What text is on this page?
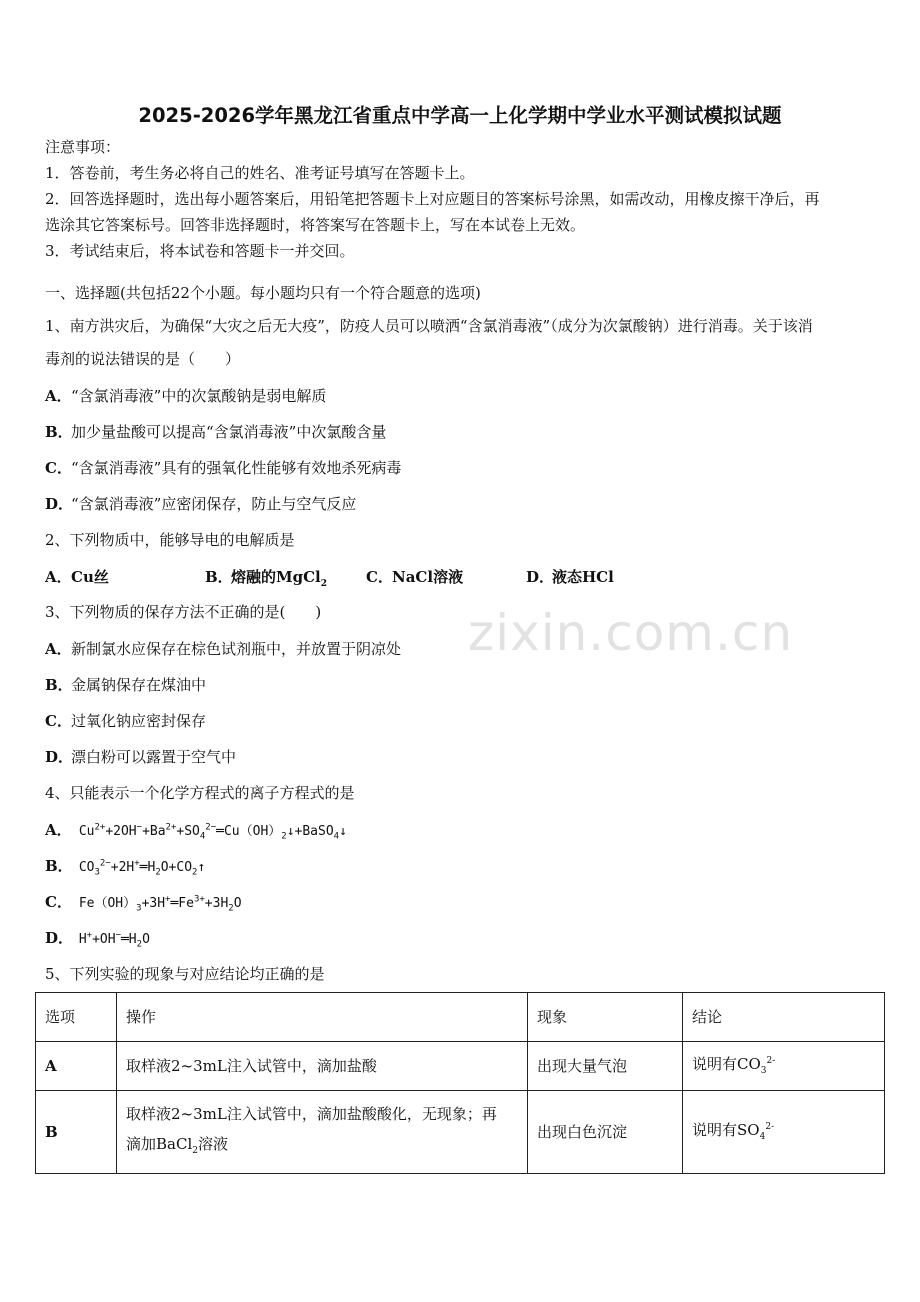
2025-2026学年黑龙江省重点中学高一上化学期中学业水平测试模拟试题
zixin.com.cn
注意事项：
1．答卷前，考生务必将自己的姓名、准考证号填写在答题卡上。
2．回答选择题时，选出每小题答案后，用铅笔把答题卡上对应题目的答案标号涂黑，如需改动，用橡皮擦干净后，再
选涂其它答案标号。回答非选择题时，将答案写在答题卡上，写在本试卷上无效。
3．考试结束后，将本试卷和答题卡一并交回。
一、选择题(共包括22个小题。每小题均只有一个符合题意的选项)
1、南方洪灾后，为确保“大灾之后无大疫”，防疫人员可以喷洒“含氯消毒液”（成分为次氯酸钠）进行消毒。关于该消
毒剂的说法错误的是（　　）
A．“含氯消毒液”中的次氯酸钠是弱电解质
B．加少量盐酸可以提高“含氯消毒液”中次氯酸含量
C．“含氯消毒液”具有的强氧化性能够有效地杀死病毒
D．“含氯消毒液”应密闭保存，防止与空气反应
2、下列物质中，能够导电的电解质是
A．Cu丝	B．熔融的MgCl$_2$	C．NaCl溶液	D．液态HCl
3、下列物质的保存方法不正确的是(　　)
A．新制氯水应保存在棕色试剂瓶中，并放置于阴凉处
B．金属钠保存在煤油中
C．过氧化钠应密封保存
D．漂白粉可以露置于空气中
4、只能表示一个化学方程式的离子方程式的是
A． $Cu^{2+}+2OH^-+Ba^{2+}+SO_4^{2-}═Cu(OH)_2↓+BaSO_4↓$
B． $CO_3^{2-}+2H^+═H_2O+CO_2↑$
C． $Fe(OH)_3+3H^+═Fe^{3+}+3H_2O$
D． $H^++OH^-═H_2O$
5、下列实验的现象与对应结论均正确的是
选项	操作	现象	结论
A	取样液2~3mL注入试管中，滴加盐酸	出现大量气泡	说明有$CO_3^{2-}$
B	取样液2~3mL注入试管中，滴加盐酸酸化，无现象；再
滴加BaCl$_2$溶液	出现白色沉淀	说明有$SO_4^{2-}$
